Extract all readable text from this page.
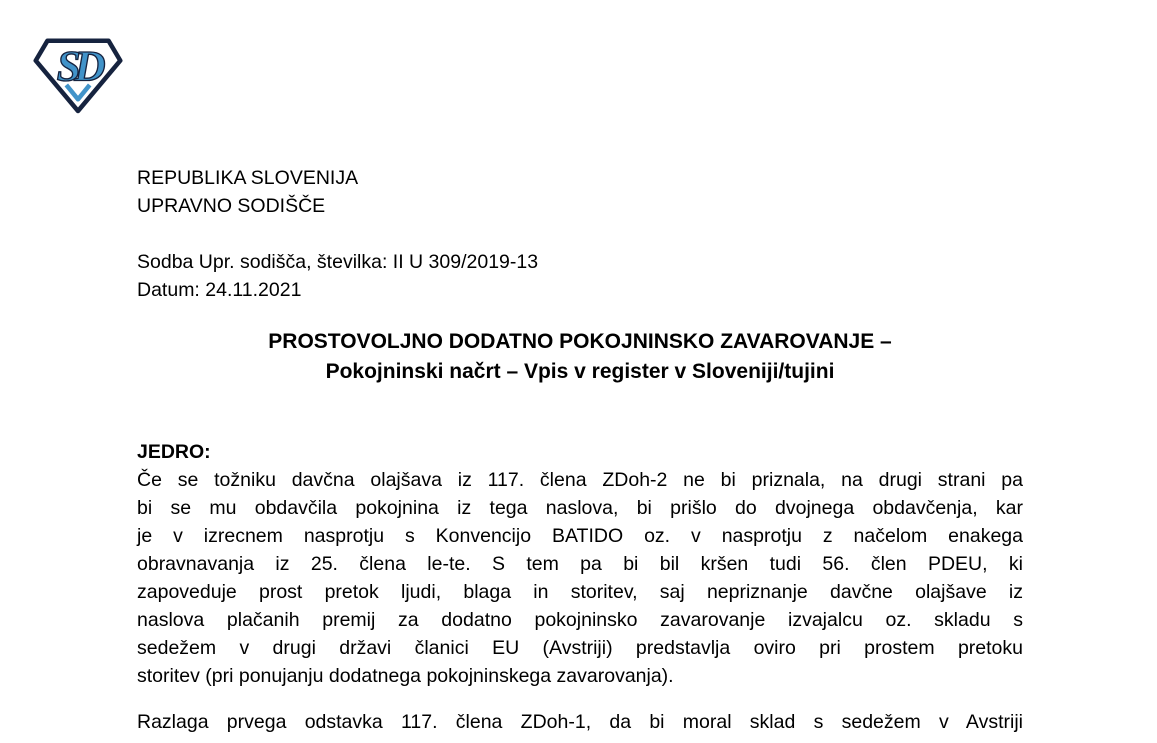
SD
REPUBLIKA SLOVENIJA
UPRAVNO SODIŠČE
Sodba Upr. sodišča, številka: II U 309/2019-13
Datum: 24.11.2021
PROSTOVOLJNO DODATNO POKOJNINSKO ZAVAROVANJE –
Pokojninski načrt – Vpis v register v Sloveniji/tujini
JEDRO:
Če se tožniku davčna olajšava iz 117. člena ZDoh-2 ne bi priznala, na drugi strani pa
bi se mu obdavčila pokojnina iz tega naslova, bi prišlo do dvojnega obdavčenja, kar
je v izrecnem nasprotju s Konvencijo BATIDO oz. v nasprotju z načelom enakega
obravnavanja iz 25. člena le-te. S tem pa bi bil kršen tudi 56. člen PDEU, ki
zapoveduje prost pretok ljudi, blaga in storitev, saj nepriznanje davčne olajšave iz
naslova plačanih premij za dodatno pokojninsko zavarovanje izvajalcu oz. skladu s
sedežem v drugi državi članici EU (Avstriji) predstavlja oviro pri prostem pretoku
storitev (pri ponujanju dodatnega pokojninskega zavarovanja).
Razlaga prvega odstavka 117. člena ZDoh-1, da bi moral sklad s sedežem v Avstriji
